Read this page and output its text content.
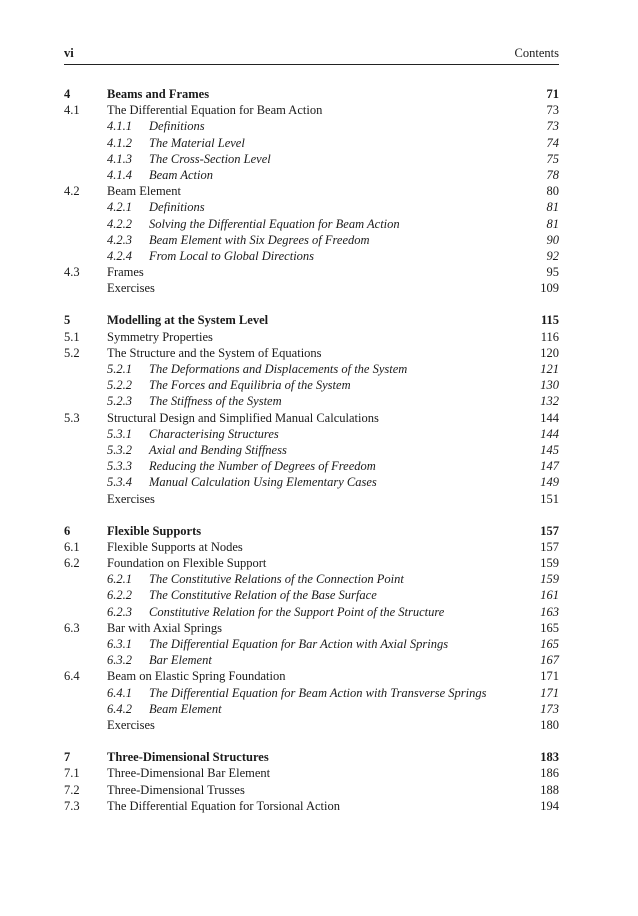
vi	Contents
4	Beams and Frames	71
4.1 The Differential Equation for Beam Action	73
4.1.1 Definitions	73
4.1.2 The Material Level	74
4.1.3 The Cross-Section Level	75
4.1.4 Beam Action	78
4.2 Beam Element	80
4.2.1 Definitions	81
4.2.2 Solving the Differential Equation for Beam Action	81
4.2.3 Beam Element with Six Degrees of Freedom	90
4.2.4 From Local to Global Directions	92
4.3 Frames	95
Exercises	109
5	Modelling at the System Level	115
5.1 Symmetry Properties	116
5.2 The Structure and the System of Equations	120
5.2.1 The Deformations and Displacements of the System	121
5.2.2 The Forces and Equilibria of the System	130
5.2.3 The Stiffness of the System	132
5.3 Structural Design and Simplified Manual Calculations	144
5.3.1 Characterising Structures	144
5.3.2 Axial and Bending Stiffness	145
5.3.3 Reducing the Number of Degrees of Freedom	147
5.3.4 Manual Calculation Using Elementary Cases	149
Exercises	151
6	Flexible Supports	157
6.1 Flexible Supports at Nodes	157
6.2 Foundation on Flexible Support	159
6.2.1 The Constitutive Relations of the Connection Point	159
6.2.2 The Constitutive Relation of the Base Surface	161
6.2.3 Constitutive Relation for the Support Point of the Structure	163
6.3 Bar with Axial Springs	165
6.3.1 The Differential Equation for Bar Action with Axial Springs	165
6.3.2 Bar Element	167
6.4 Beam on Elastic Spring Foundation	171
6.4.1 The Differential Equation for Beam Action with Transverse Springs	171
6.4.2 Beam Element	173
Exercises	180
7	Three-Dimensional Structures	183
7.1 Three-Dimensional Bar Element	186
7.2 Three-Dimensional Trusses	188
7.3 The Differential Equation for Torsional Action	194
